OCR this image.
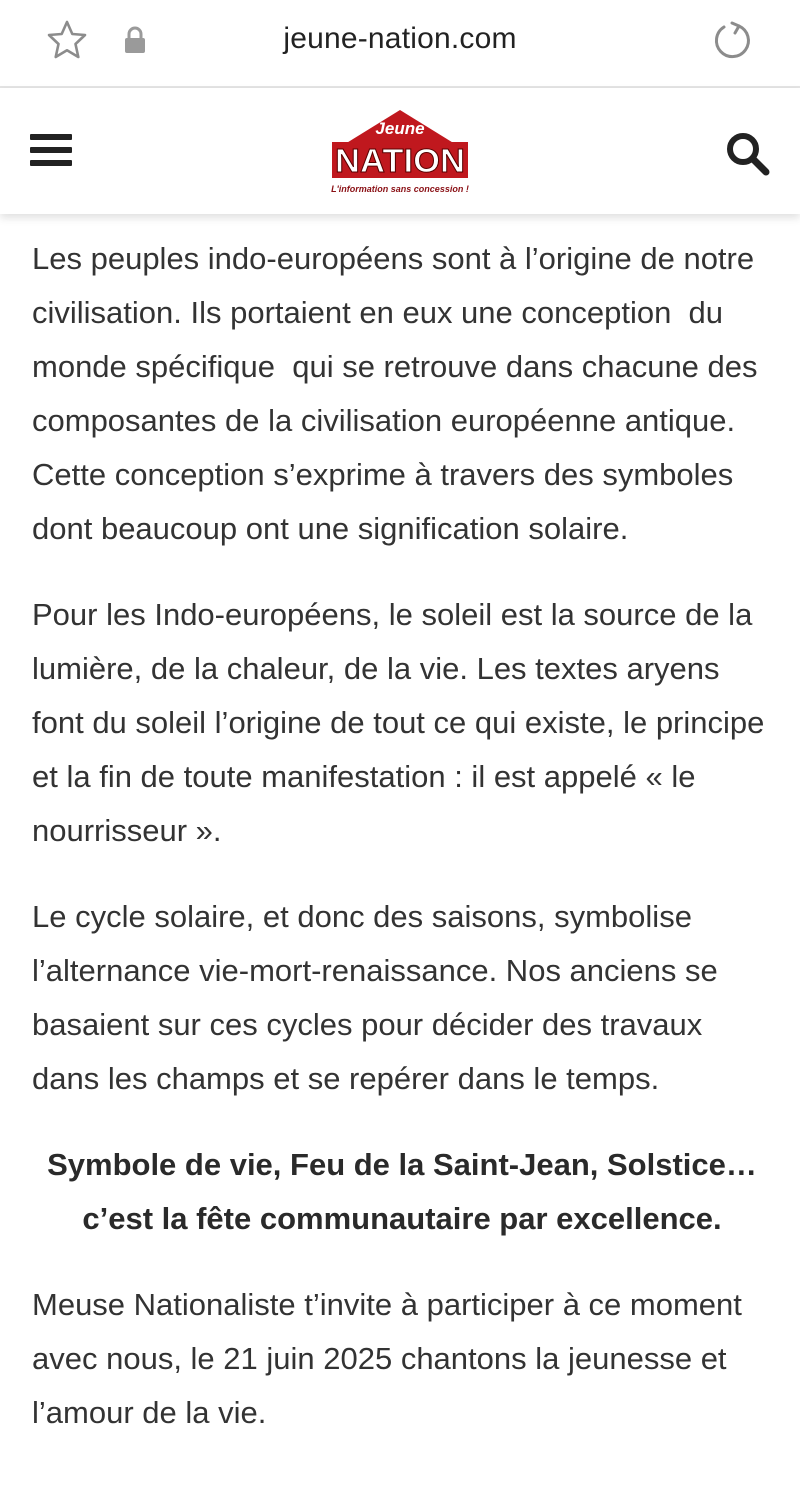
jeune-nation.com
Jeune
NATION
L'information sans concession !

Les peuples indo-européens sont à l’origine de notre civilisation. Ils portaient en eux une conception  du monde spécifique  qui se retrouve dans chacune des composantes de la civilisation européenne antique. Cette conception s’exprime à travers des symboles dont beaucoup ont une signification solaire.

Pour les Indo-européens, le soleil est la source de la lumière, de la chaleur, de la vie. Les textes aryens font du soleil l’origine de tout ce qui existe, le principe et la fin de toute manifestation : il est appelé « le nourrisseur ».

Le cycle solaire, et donc des saisons, symbolise l’alternance vie-mort-renaissance. Nos anciens se basaient sur ces cycles pour décider des travaux dans les champs et se repérer dans le temps.

Symbole de vie, Feu de la Saint-Jean, Solstice… c’est la fête communautaire par excellence.

Meuse Nationaliste t’invite à participer à ce moment avec nous, le 21 juin 2025 chantons la jeunesse et l’amour de la vie.
